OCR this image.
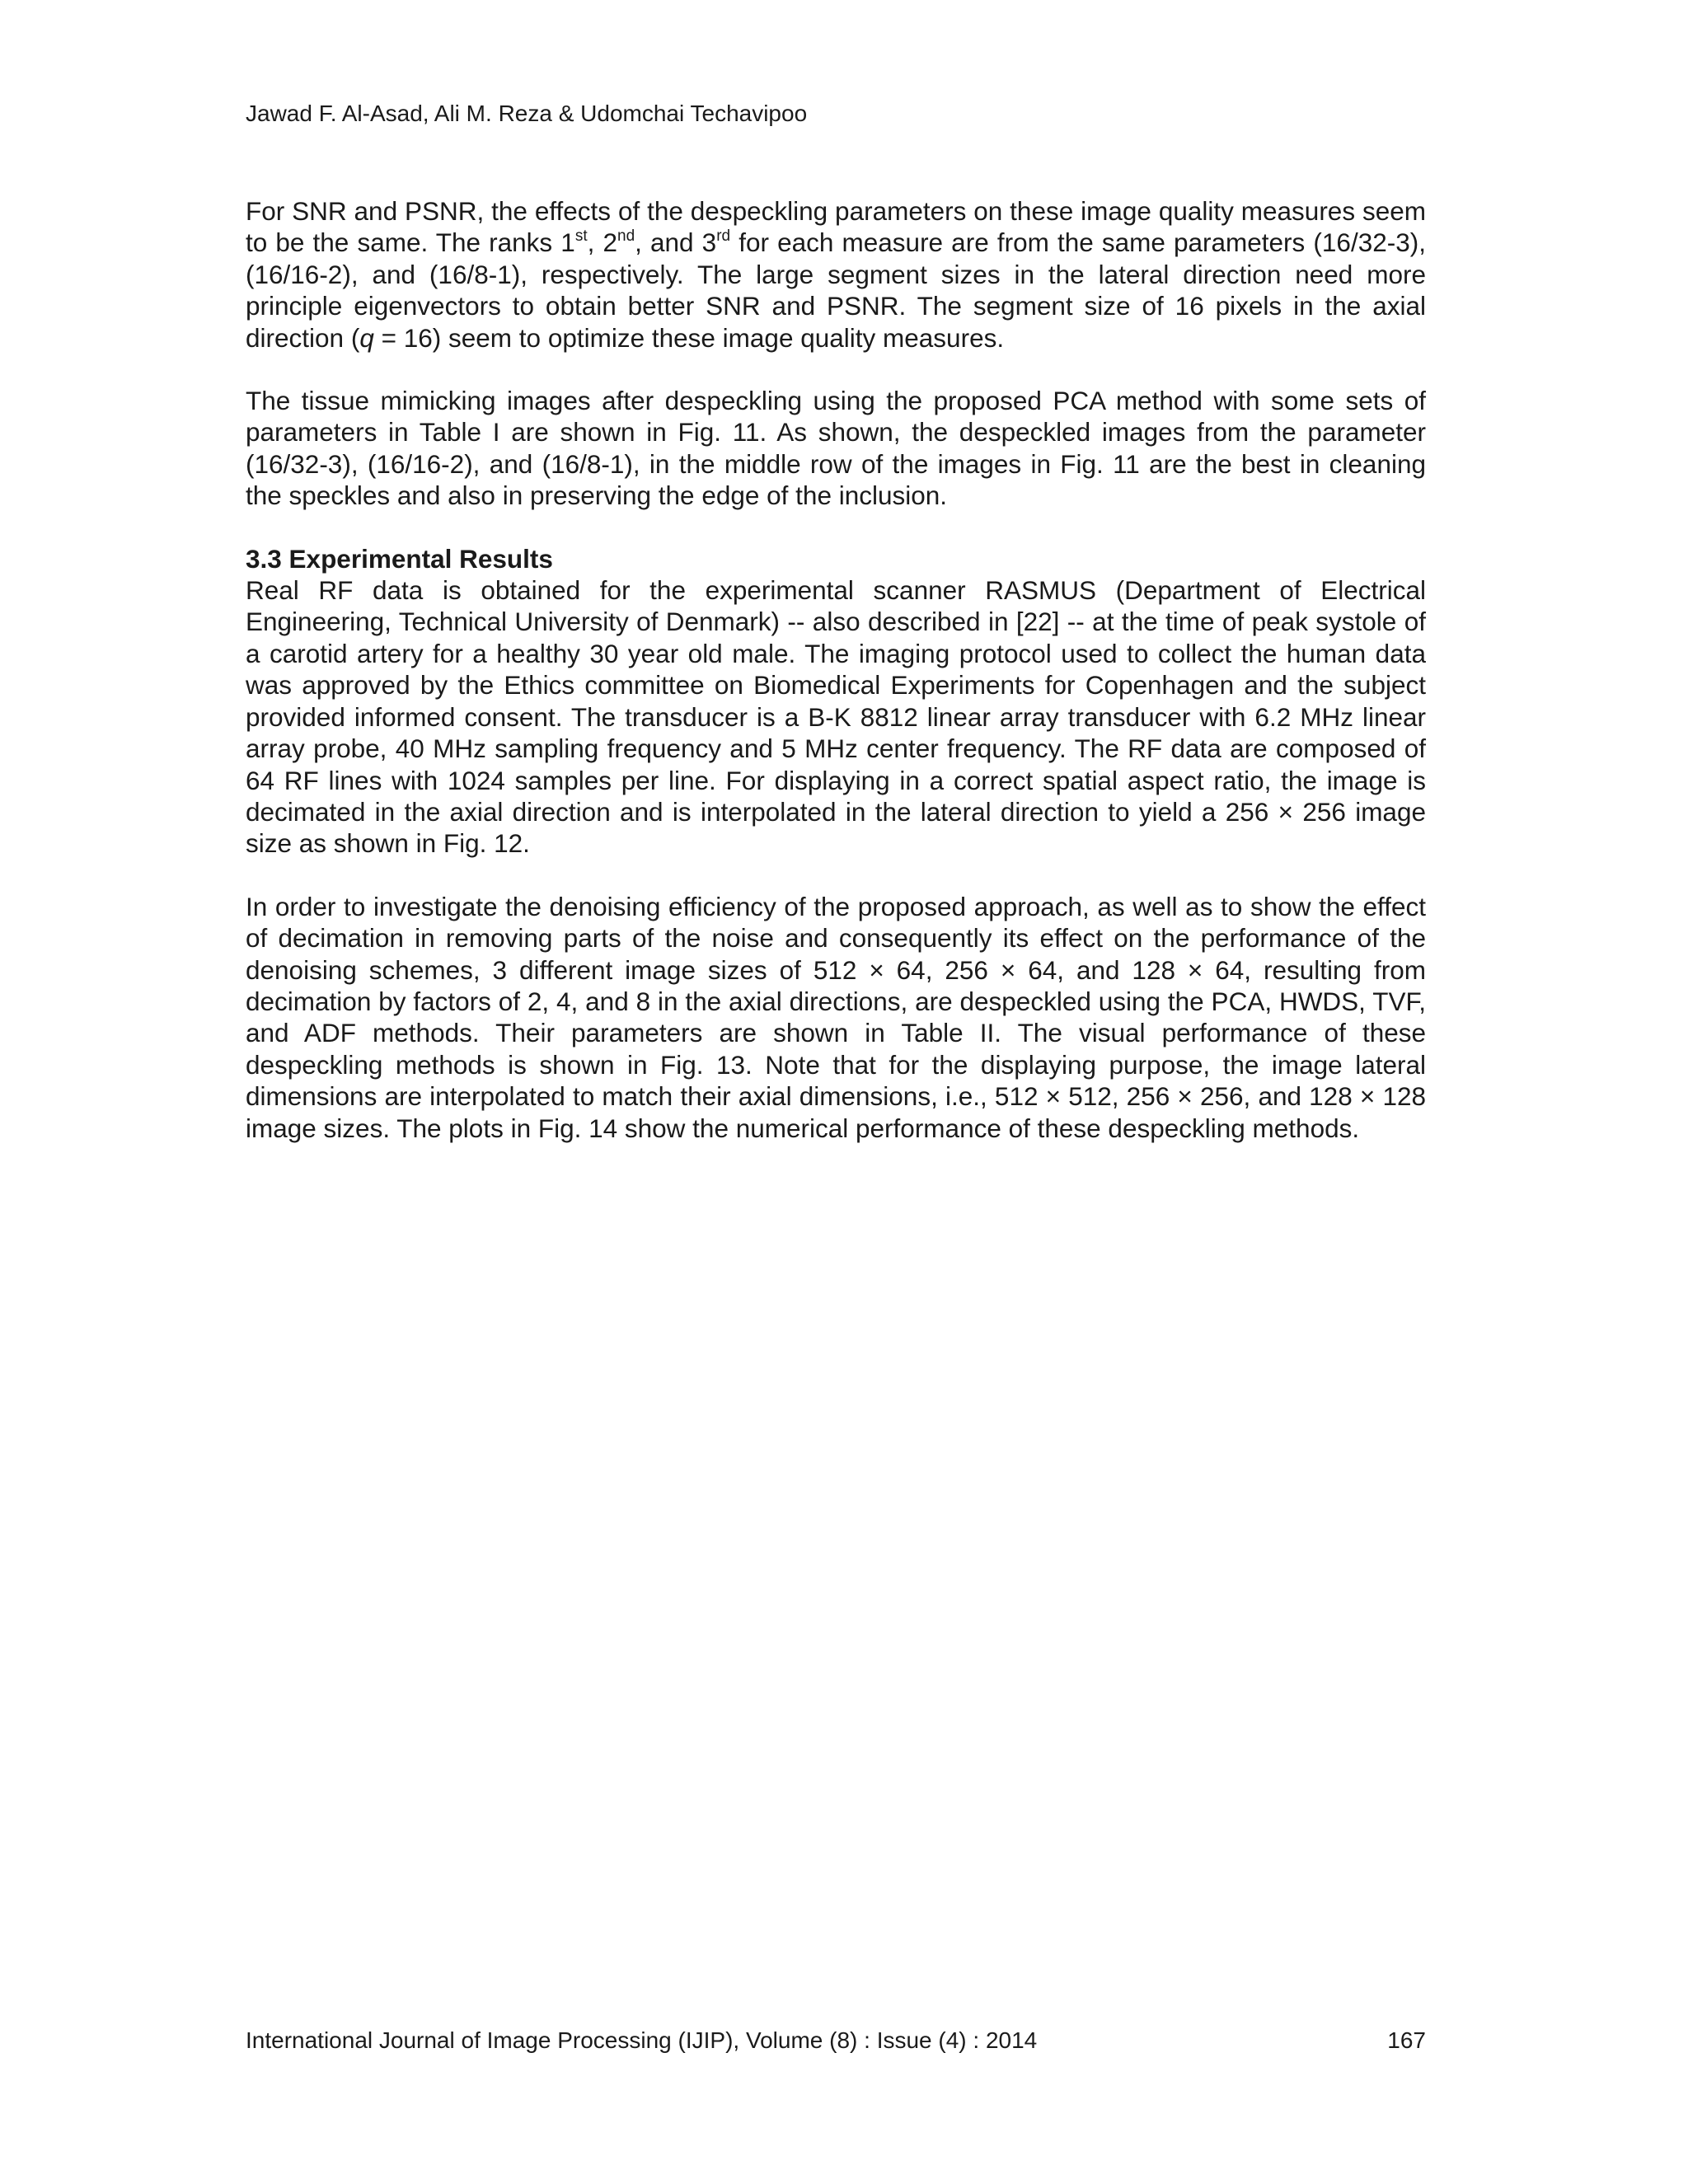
Jawad F. Al-Asad, Ali M. Reza & Udomchai Techavipoo

For SNR and PSNR, the effects of the despeckling parameters on these image quality measures seem to be the same. The ranks 1st, 2nd, and 3rd for each measure are from the same parameters (16/32-3), (16/16-2), and (16/8-1), respectively. The large segment sizes in the lateral direction need more principle eigenvectors to obtain better SNR and PSNR. The segment size of 16 pixels in the axial direction (q = 16) seem to optimize these image quality measures.

The tissue mimicking images after despeckling using the proposed PCA method with some sets of parameters in Table I are shown in Fig. 11. As shown, the despeckled images from the parameter (16/32-3), (16/16-2), and (16/8-1), in the middle row of the images in Fig. 11 are the best in cleaning the speckles and also in preserving the edge of the inclusion.

3.3 Experimental Results

Real RF data is obtained for the experimental scanner RASMUS (Department of Electrical Engineering, Technical University of Denmark) -- also described in [22] -- at the time of peak systole of a carotid artery for a healthy 30 year old male. The imaging protocol used to collect the human data was approved by the Ethics committee on Biomedical Experiments for Copenhagen and the subject provided informed consent. The transducer is a B-K 8812 linear array transducer with 6.2 MHz linear array probe, 40 MHz sampling frequency and 5 MHz center frequency. The RF data are composed of 64 RF lines with 1024 samples per line. For displaying in a correct spatial aspect ratio, the image is decimated in the axial direction and is interpolated in the lateral direction to yield a 256 × 256 image size as shown in Fig. 12.

In order to investigate the denoising efficiency of the proposed approach, as well as to show the effect of decimation in removing parts of the noise and consequently its effect on the performance of the denoising schemes, 3 different image sizes of 512 × 64, 256 × 64, and 128 × 64, resulting from decimation by factors of 2, 4, and 8 in the axial directions, are despeckled using the PCA, HWDS, TVF, and ADF methods. Their parameters are shown in Table II. The visual performance of these despeckling methods is shown in Fig. 13. Note that for the displaying purpose, the image lateral dimensions are interpolated to match their axial dimensions, i.e., 512 × 512, 256 × 256, and 128 × 128 image sizes. The plots in Fig. 14 show the numerical performance of these despeckling methods.

International Journal of Image Processing (IJIP), Volume (8) : Issue (4) : 2014	167
